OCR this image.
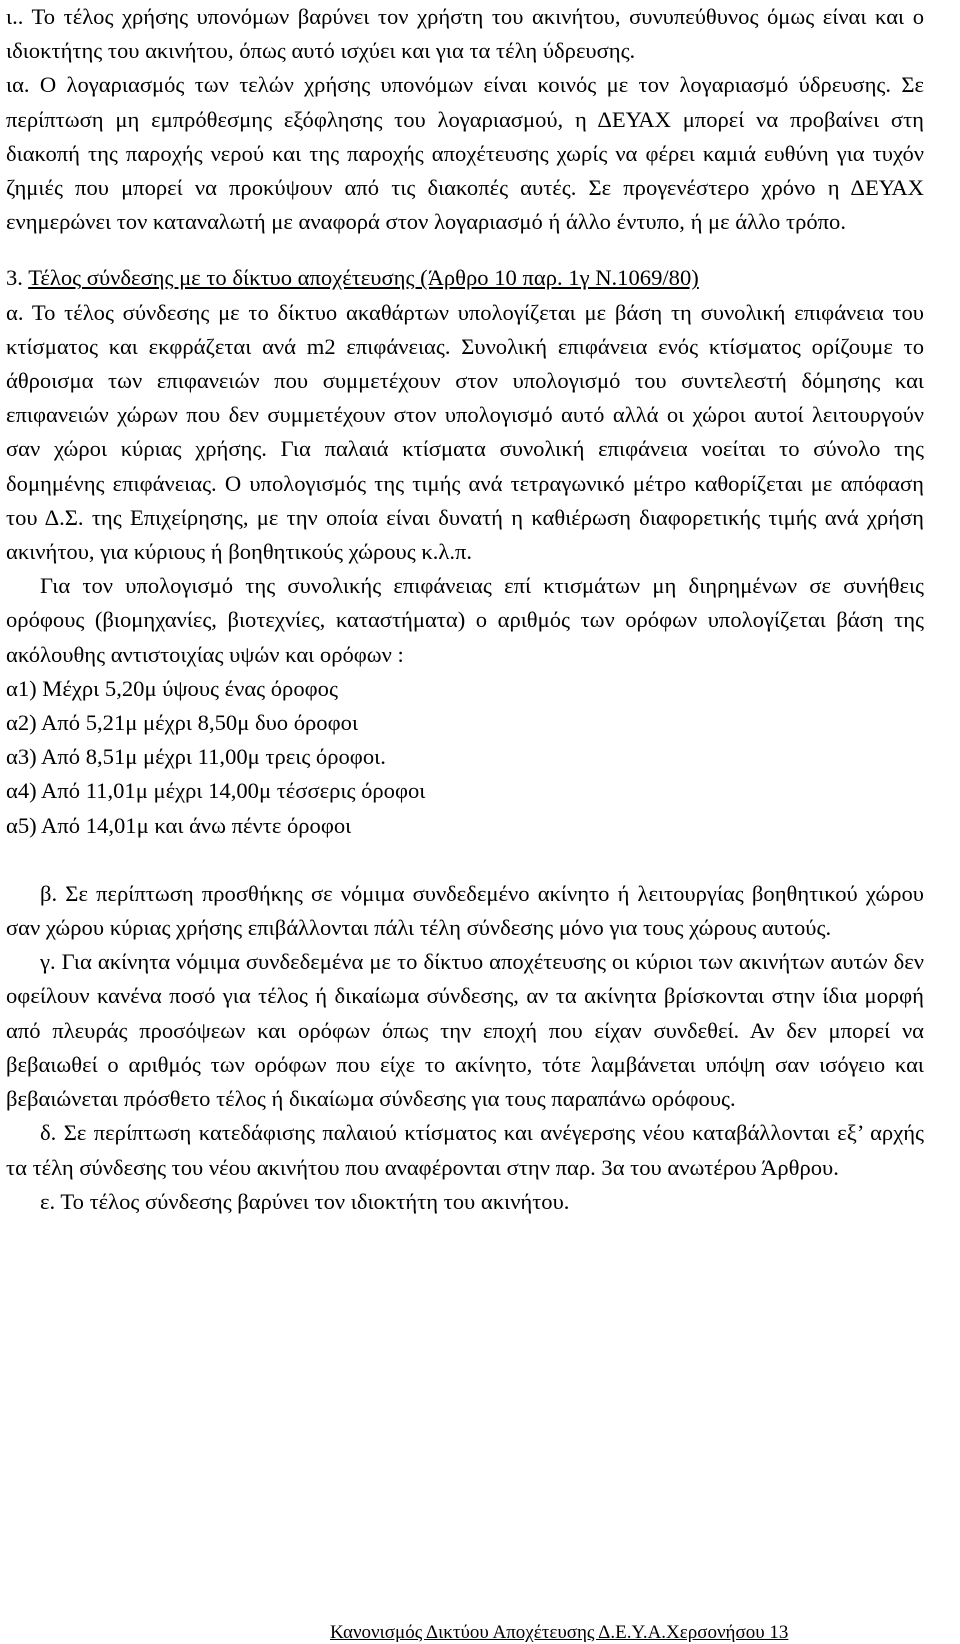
ι.. Το τέλος χρήσης υπονόμων βαρύνει τον χρήστη του ακινήτου, συνυπεύθυνος όμως είναι και ο ιδιοκτήτης του ακινήτου, όπως αυτό ισχύει και για τα τέλη ύδρευσης.

ια. Ο λογαριασμός των τελών χρήσης υπονόμων είναι κοινός με τον λογαριασμό ύδρευσης. Σε περίπτωση μη εμπρόθεσμης εξόφλησης του λογαριασμού, η ΔΕΥΑΧ μπορεί να προβαίνει στη διακοπή της παροχής νερού και της παροχής αποχέτευσης χωρίς να φέρει καμιά ευθύνη για τυχόν ζημιές που μπορεί να προκύψουν από τις διακοπές αυτές. Σε προγενέστερο χρόνο η ΔΕΥΑΧ ενημερώνει τον καταναλωτή με αναφορά στον λογαριασμό ή άλλο έντυπο, ή με άλλο τρόπο.

3. Τέλος σύνδεσης με το δίκτυο αποχέτευσης (Άρθρο 10 παρ. 1γ Ν.1069/80)

α. Το τέλος σύνδεσης με το δίκτυο ακαθάρτων υπολογίζεται με βάση τη συνολική επιφάνεια του κτίσματος και εκφράζεται ανά m2 επιφάνειας. Συνολική επιφάνεια ενός κτίσματος ορίζουμε το άθροισμα των επιφανειών που συμμετέχουν στον υπολογισμό του συντελεστή δόμησης και επιφανειών χώρων που δεν συμμετέχουν στον υπολογισμό αυτό αλλά οι χώροι αυτοί λειτουργούν σαν χώροι κύριας χρήσης. Για παλαιά κτίσματα συνολική επιφάνεια νοείται το σύνολο της δομημένης επιφάνειας. Ο υπολογισμός της τιμής ανά τετραγωνικό μέτρο καθορίζεται με απόφαση του Δ.Σ. της Επιχείρησης, με την οποία είναι δυνατή η καθιέρωση διαφορετικής τιμής ανά χρήση ακινήτου, για κύριους ή βοηθητικούς χώρους κ.λ.π.

Για τον υπολογισμό της συνολικής επιφάνειας επί κτισμάτων μη διηρημένων σε συνήθεις ορόφους (βιομηχανίες, βιοτεχνίες, καταστήματα) ο αριθμός των ορόφων υπολογίζεται βάση της ακόλουθης αντιστοιχίας υψών και ορόφων :

α1) Μέχρι 5,20μ ύψους ένας όροφος
α2) Από 5,21μ μέχρι 8,50μ δυο όροφοι
α3) Από 8,51μ μέχρι 11,00μ τρεις όροφοι.
α4) Από 11,01μ μέχρι 14,00μ τέσσερις όροφοι
α5) Από 14,01μ και άνω πέντε όροφοι

β. Σε περίπτωση προσθήκης σε νόμιμα συνδεδεμένο ακίνητο ή λειτουργίας βοηθητικού χώρου σαν χώρου κύριας χρήσης επιβάλλονται πάλι τέλη σύνδεσης μόνο για τους χώρους αυτούς.

γ. Για ακίνητα νόμιμα συνδεδεμένα με το δίκτυο αποχέτευσης οι κύριοι των ακινήτων αυτών δεν οφείλουν κανένα ποσό για τέλος ή δικαίωμα σύνδεσης, αν τα ακίνητα βρίσκονται στην ίδια μορφή από πλευράς προσόψεων και ορόφων όπως την εποχή που είχαν συνδεθεί. Αν δεν μπορεί να βεβαιωθεί ο αριθμός των ορόφων που είχε το ακίνητο, τότε λαμβάνεται υπόψη σαν ισόγειο και βεβαιώνεται πρόσθετο τέλος ή δικαίωμα σύνδεσης για τους παραπάνω ορόφους.

δ. Σε περίπτωση κατεδάφισης παλαιού κτίσματος και ανέγερσης νέου καταβάλλονται εξ’ αρχής τα τέλη σύνδεσης του νέου ακινήτου που αναφέρονται στην παρ. 3α του ανωτέρου Άρθρου.

ε. Το τέλος σύνδεσης βαρύνει τον ιδιοκτήτη του ακινήτου.

Κανονισμός Δικτύου Αποχέτευσης Δ.Ε.Υ.Α.Χερσονήσου 13
